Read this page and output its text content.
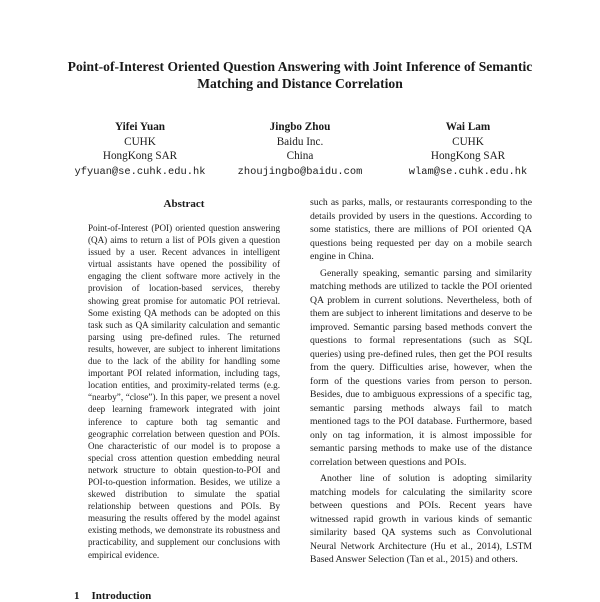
Point-of-Interest Oriented Question Answering with Joint Inference of Semantic Matching and Distance Correlation
Yifei Yuan
CUHK
HongKong SAR
yfyuan@se.cuhk.edu.hk
Jingbo Zhou
Baidu Inc.
China
zhoujingbo@baidu.com
Wai Lam
CUHK
HongKong SAR
wlam@se.cuhk.edu.hk
Abstract

Point-of-Interest (POI) oriented question answering (QA) aims to return a list of POIs given a question issued by a user. Recent advances in intelligent virtual assistants have opened the possibility of engaging the client software more actively in the provision of location-based services, thereby showing great promise for automatic POI retrieval. Some existing QA methods can be adopted on this task such as QA similarity calculation and semantic parsing using pre-defined rules. The returned results, however, are subject to inherent limitations due to the lack of the ability for handling some important POI related information, including tags, location entities, and proximity-related terms (e.g. “nearby”, “close”). In this paper, we present a novel deep learning framework integrated with joint inference to capture both tag semantic and geographic correlation between question and POIs. One characteristic of our model is to propose a special cross attention question embedding neural network structure to obtain question-to-POI and POI-to-question information. Besides, we utilize a skewed distribution to simulate the spatial relationship between questions and POIs. By measuring the results offered by the model against existing methods, we demonstrate its robustness and practicability, and supplement our conclusions with empirical evidence.

such as parks, malls, or restaurants corresponding to the details provided by users in the questions. According to some statistics, there are millions of POI oriented QA questions being requested per day on a mobile search engine in China.

Generally speaking, semantic parsing and similarity matching methods are utilized to tackle the POI oriented QA problem in current solutions. Nevertheless, both of them are subject to inherent limitations and deserve to be improved. Semantic parsing based methods convert the questions to formal representations (such as SQL queries) using pre-defined rules, then get the POI results from the query. Difficulties arise, however, when the form of the questions varies from person to person. Besides, due to ambiguous expressions of a specific tag, semantic parsing methods always fail to match mentioned tags to the POI database. Furthermore, based only on tag information, it is almost impossible for semantic parsing methods to make use of the distance correlation between questions and POIs.

Another line of solution is adopting similarity matching models for calculating the similarity score between questions and POIs. Recent years have witnessed rapid growth in various kinds of semantic similarity based QA systems such as Convolutional Neural Network Architecture (Hu et al., 2014), LSTM Based Answer Selection (Tan et al., 2015) and others.

1 Introduction
